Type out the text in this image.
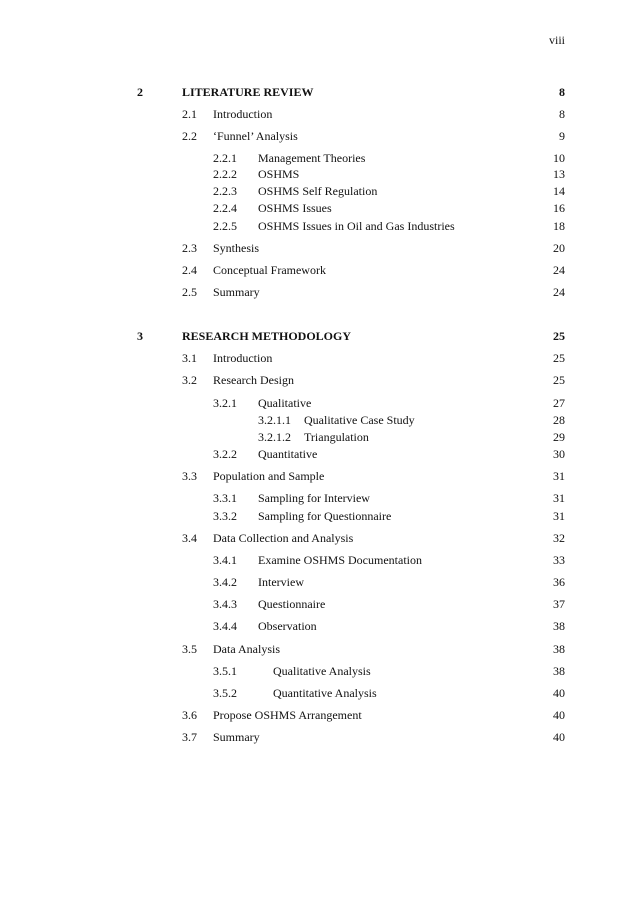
viii
2	LITERATURE REVIEW	8
2.1 Introduction	8
2.2 ‘Funnel’ Analysis	9
2.2.1 Management Theories	10
2.2.2 OSHMS	13
2.2.3 OSHMS Self Regulation	14
2.2.4 OSHMS Issues	16
2.2.5 OSHMS Issues in Oil and Gas Industries	18
2.3 Synthesis	20
2.4 Conceptual Framework	24
2.5 Summary	24
3	RESEARCH METHODOLOGY	25
3.1 Introduction	25
3.2 Research Design	25
3.2.1 Qualitative	27
3.2.1.1 Qualitative Case Study	28
3.2.1.2 Triangulation	29
3.2.2 Quantitative	30
3.3 Population and Sample	31
3.3.1 Sampling for Interview	31
3.3.2 Sampling for Questionnaire	31
3.4 Data Collection and Analysis	32
3.4.1 Examine OSHMS Documentation	33
3.4.2 Interview	36
3.4.3 Questionnaire	37
3.4.4 Observation	38
3.5 Data Analysis	38
3.5.1	Qualitative Analysis	38
3.5.2	Quantitative Analysis	40
3.6 Propose OSHMS Arrangement	40
3.7 Summary	40
